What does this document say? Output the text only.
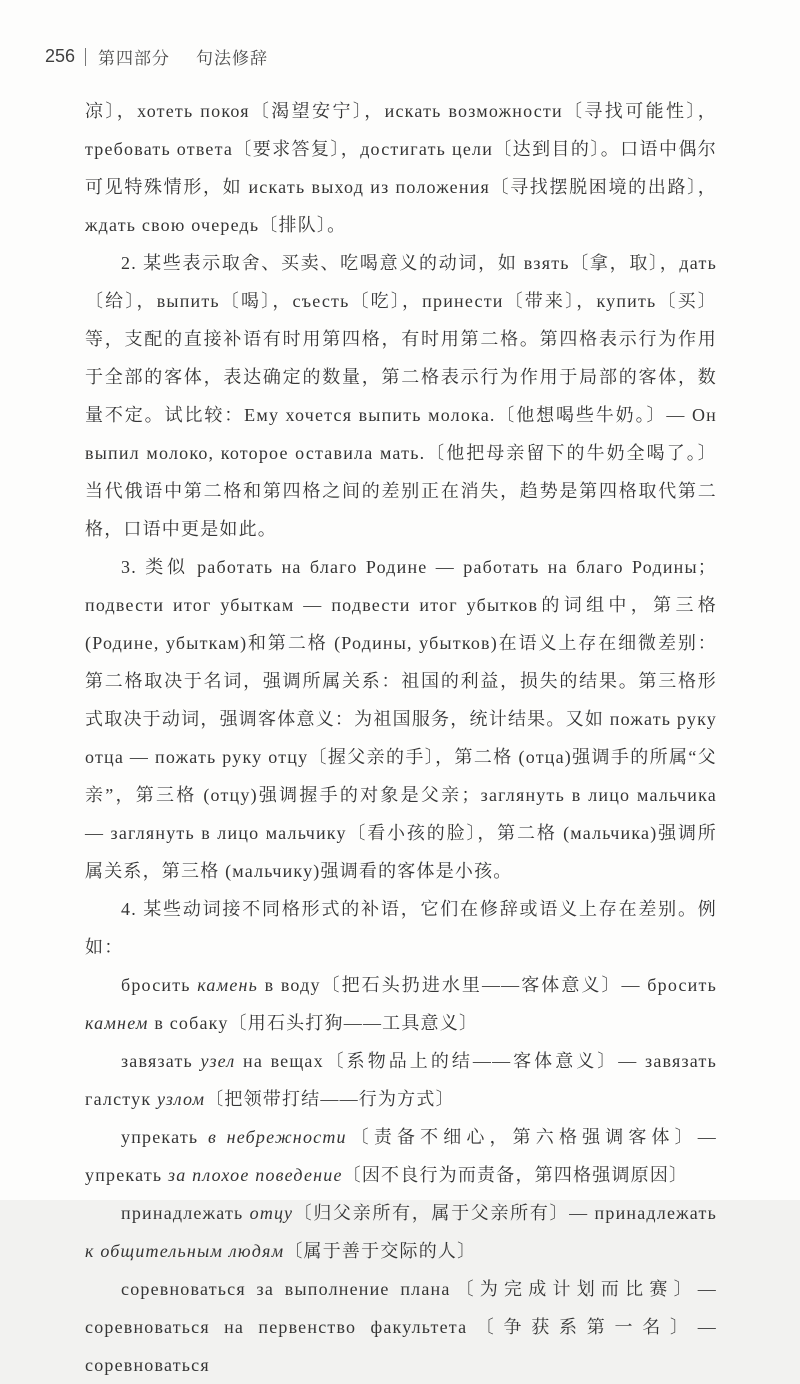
256 第四部分 句法修辞

凉〕，хотеть покоя〔渴望安宁〕，искать возможности〔寻找可能性〕，требовать ответа〔要求答复〕，достигать цели〔达到目的〕。口语中偶尔可见特殊情形，如 искать выход из положения〔寻找摆脱困境的出路〕，ждать свою очередь〔排队〕。

2. 某些表示取舍、买卖、吃喝意义的动词，如 взять〔拿，取〕，дать〔给〕，выпить〔喝〕，съесть〔吃〕，принести〔带来〕，купить〔买〕等，支配的直接补语有时用第四格，有时用第二格。第四格表示行为作用于全部的客体，表达确定的数量，第二格表示行为作用于局部的客体，数量不定。试比较：Ему хочется выпить молока.〔他想喝些牛奶。〕— Он выпил молоко, которое оставила мать.〔他把母亲留下的牛奶全喝了。〕当代俄语中第二格和第四格之间的差别正在消失，趋势是第四格取代第二格，口语中更是如此。

3. 类似 работать на благо Родине — работать на благо Родины；подвести итог убыткам — подвести итог убытков的词组中，第三格 (Родине, убыткам)和第二格 (Родины, убытков)在语义上存在细微差别：第二格取决于名词，强调所属关系：祖国的利益，损失的结果。第三格形式取决于动词，强调客体意义：为祖国服务，统计结果。又如 пожать руку отца — пожать руку отцу〔握父亲的手〕，第二格 (отца)强调手的所属“父亲”，第三格 (отцу)强调握手的对象是父亲；заглянуть в лицо мальчика — заглянуть в лицо мальчику〔看小孩的脸〕，第二格 (мальчика)强调所属关系，第三格 (мальчику)强调看的客体是小孩。

4. 某些动词接不同格形式的补语，它们在修辞或语义上存在差别。例如：

бросить камень в воду〔把石头扔进水里——客体意义〕— бросить камнем в собаку〔用石头打狗——工具意义〕

завязать узел на вещах〔系物品上的结——客体意义〕— завязать галстук узлом〔把领带打结——行为方式〕

упрекать в небрежности〔责备不细心，第六格强调客体〕— упрекать за плохое поведение〔因不良行为而责备，第四格强调原因〕

принадлежать отцу〔归父亲所有，属于父亲所有〕— принадлежать к общительным людям〔属于善于交际的人〕

соревноваться за выполнение плана〔为完成计划而比赛〕— соревноваться на первенство факультета〔争获系第一名〕— соревноваться
